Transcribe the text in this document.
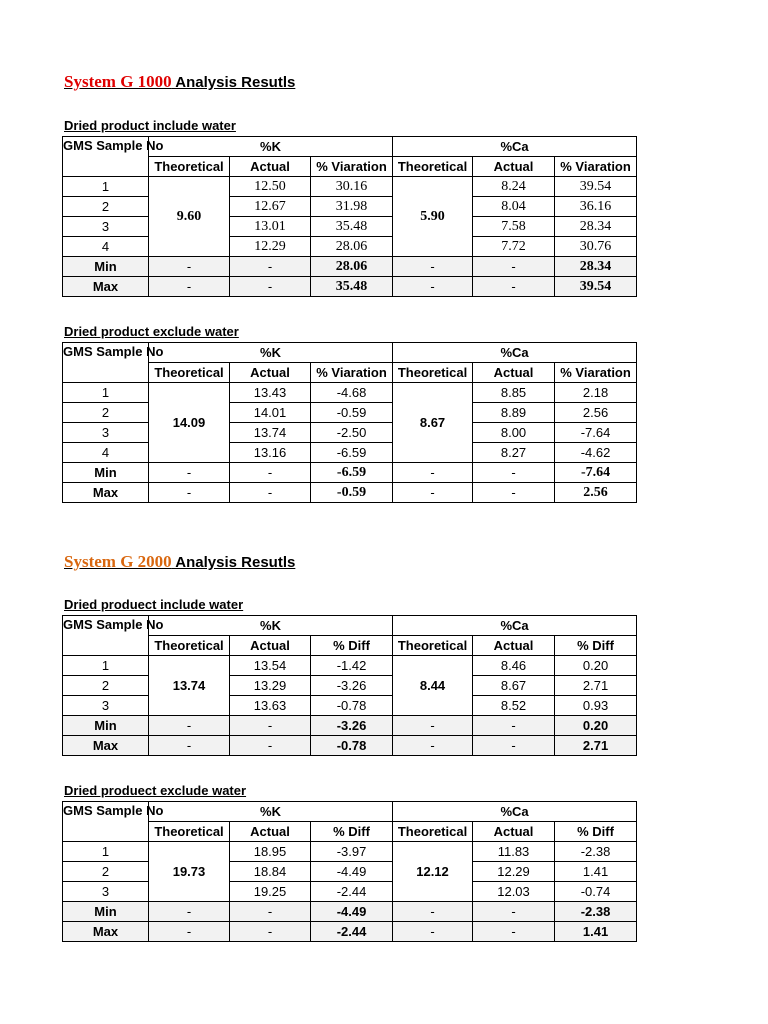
System G 1000 Analysis Resutls
Dried product include water
GMS Sample No	%K			%Ca		
	Theoretical	Actual	% Viaration	Theoretical	Actual	% Viaration
1	9.60	12.50	30.16	5.90	8.24	39.54
2		12.67	31.98		8.04	36.16
3		13.01	35.48		7.58	28.34
4		12.29	28.06		7.72	30.76
Min	-	-	28.06	-	-	28.34
Max	-	-	35.48	-	-	39.54
Dried product exclude water
GMS Sample No	%K			%Ca		
	Theoretical	Actual	% Viaration	Theoretical	Actual	% Viaration
1	14.09	13.43	-4.68	8.67	8.85	2.18
2		14.01	-0.59		8.89	2.56
3		13.74	-2.50		8.00	-7.64
4		13.16	-6.59		8.27	-4.62
Min	-	-	-6.59	-	-	-7.64
Max	-	-	-0.59	-	-	2.56
System G 2000 Analysis Resutls
Dried produect include water
GMS Sample No	%K			%Ca		
	Theoretical	Actual	% Diff	Theoretical	Actual	% Diff
1	13.74	13.54	-1.42	8.44	8.46	0.20
2		13.29	-3.26		8.67	2.71
3		13.63	-0.78		8.52	0.93
Min	-	-	-3.26	-	-	0.20
Max	-	-	-0.78	-	-	2.71
Dried produect exclude water
GMS Sample No	%K			%Ca		
	Theoretical	Actual	% Diff	Theoretical	Actual	% Diff
1	19.73	18.95	-3.97	12.12	11.83	-2.38
2		18.84	-4.49		12.29	1.41
3		19.25	-2.44		12.03	-0.74
Min	-	-	-4.49	-	-	-2.38
Max	-	-	-2.44	-	-	1.41
